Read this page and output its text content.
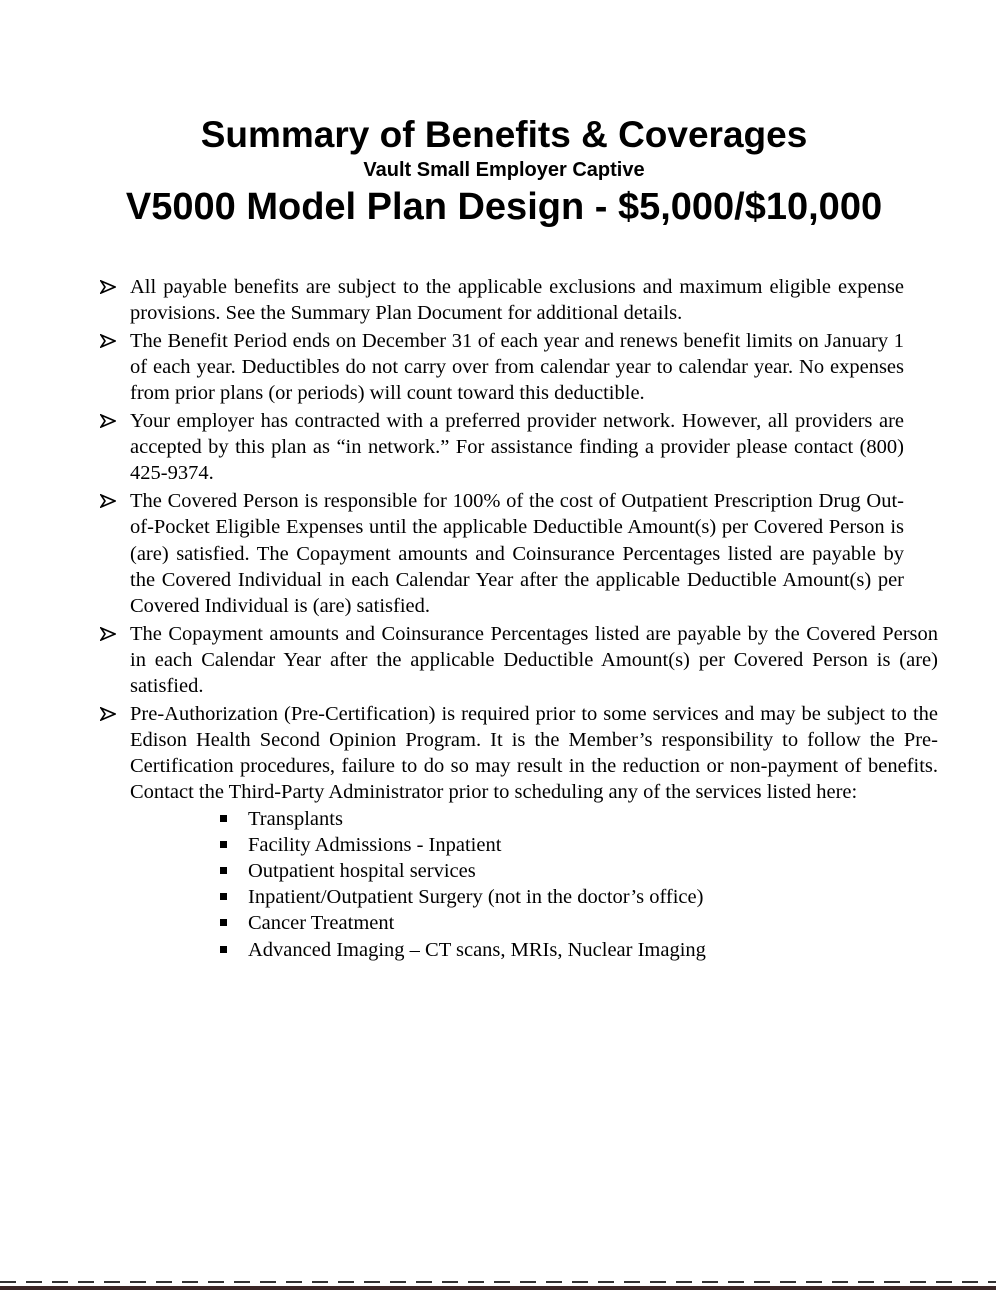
Summary of Benefits & Coverages
Vault Small Employer Captive
V5000 Model Plan Design - $5,000/$10,000
All payable benefits are subject to the applicable exclusions and maximum eligible expense provisions. See the Summary Plan Document for additional details.
The Benefit Period ends on December 31 of each year and renews benefit limits on January 1 of each year. Deductibles do not carry over from calendar year to calendar year. No expenses from prior plans (or periods) will count toward this deductible.
Your employer has contracted with a preferred provider network. However, all providers are accepted by this plan as “in network.” For assistance finding a provider please contact (800) 425-9374.
The Covered Person is responsible for 100% of the cost of Outpatient Prescription Drug Out-of-Pocket Eligible Expenses until the applicable Deductible Amount(s) per Covered Person is (are) satisfied. The Copayment amounts and Coinsurance Percentages listed are payable by the Covered Individual in each Calendar Year after the applicable Deductible Amount(s) per Covered Individual is (are) satisfied.
The Copayment amounts and Coinsurance Percentages listed are payable by the Covered Person in each Calendar Year after the applicable Deductible Amount(s) per Covered Person is (are) satisfied.
Pre-Authorization (Pre-Certification) is required prior to some services and may be subject to the Edison Health Second Opinion Program. It is the Member’s responsibility to follow the Pre-Certification procedures, failure to do so may result in the reduction or non-payment of benefits. Contact the Third-Party Administrator prior to scheduling any of the services listed here:
Transplants
Facility Admissions - Inpatient
Outpatient hospital services
Inpatient/Outpatient Surgery (not in the doctor’s office)
Cancer Treatment
Advanced Imaging – CT scans, MRIs, Nuclear Imaging
